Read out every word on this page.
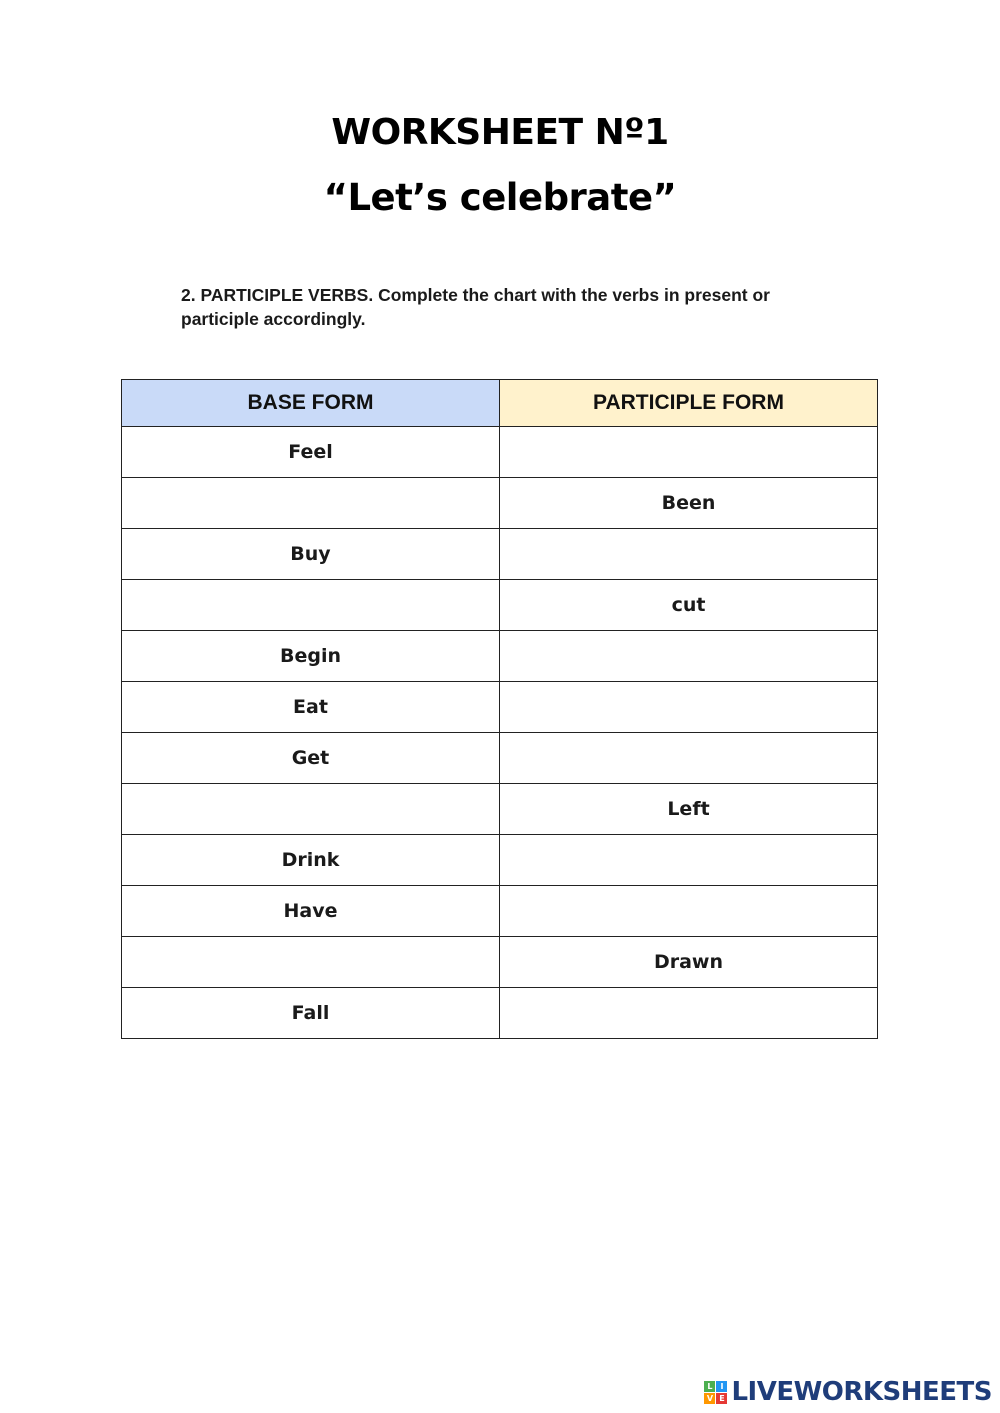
WORKSHEET Nº1
“Let’s celebrate”
2. PARTICIPLE VERBS. Complete the chart with the verbs in present or participle accordingly.
BASE FORM	PARTICIPLE FORM
Feel	
	Been
Buy	
	cut
Begin	
Eat	
Get	
	Left
Drink	
Have	
	Drawn
Fall	
L I
V E LIVEWORKSHEETS
